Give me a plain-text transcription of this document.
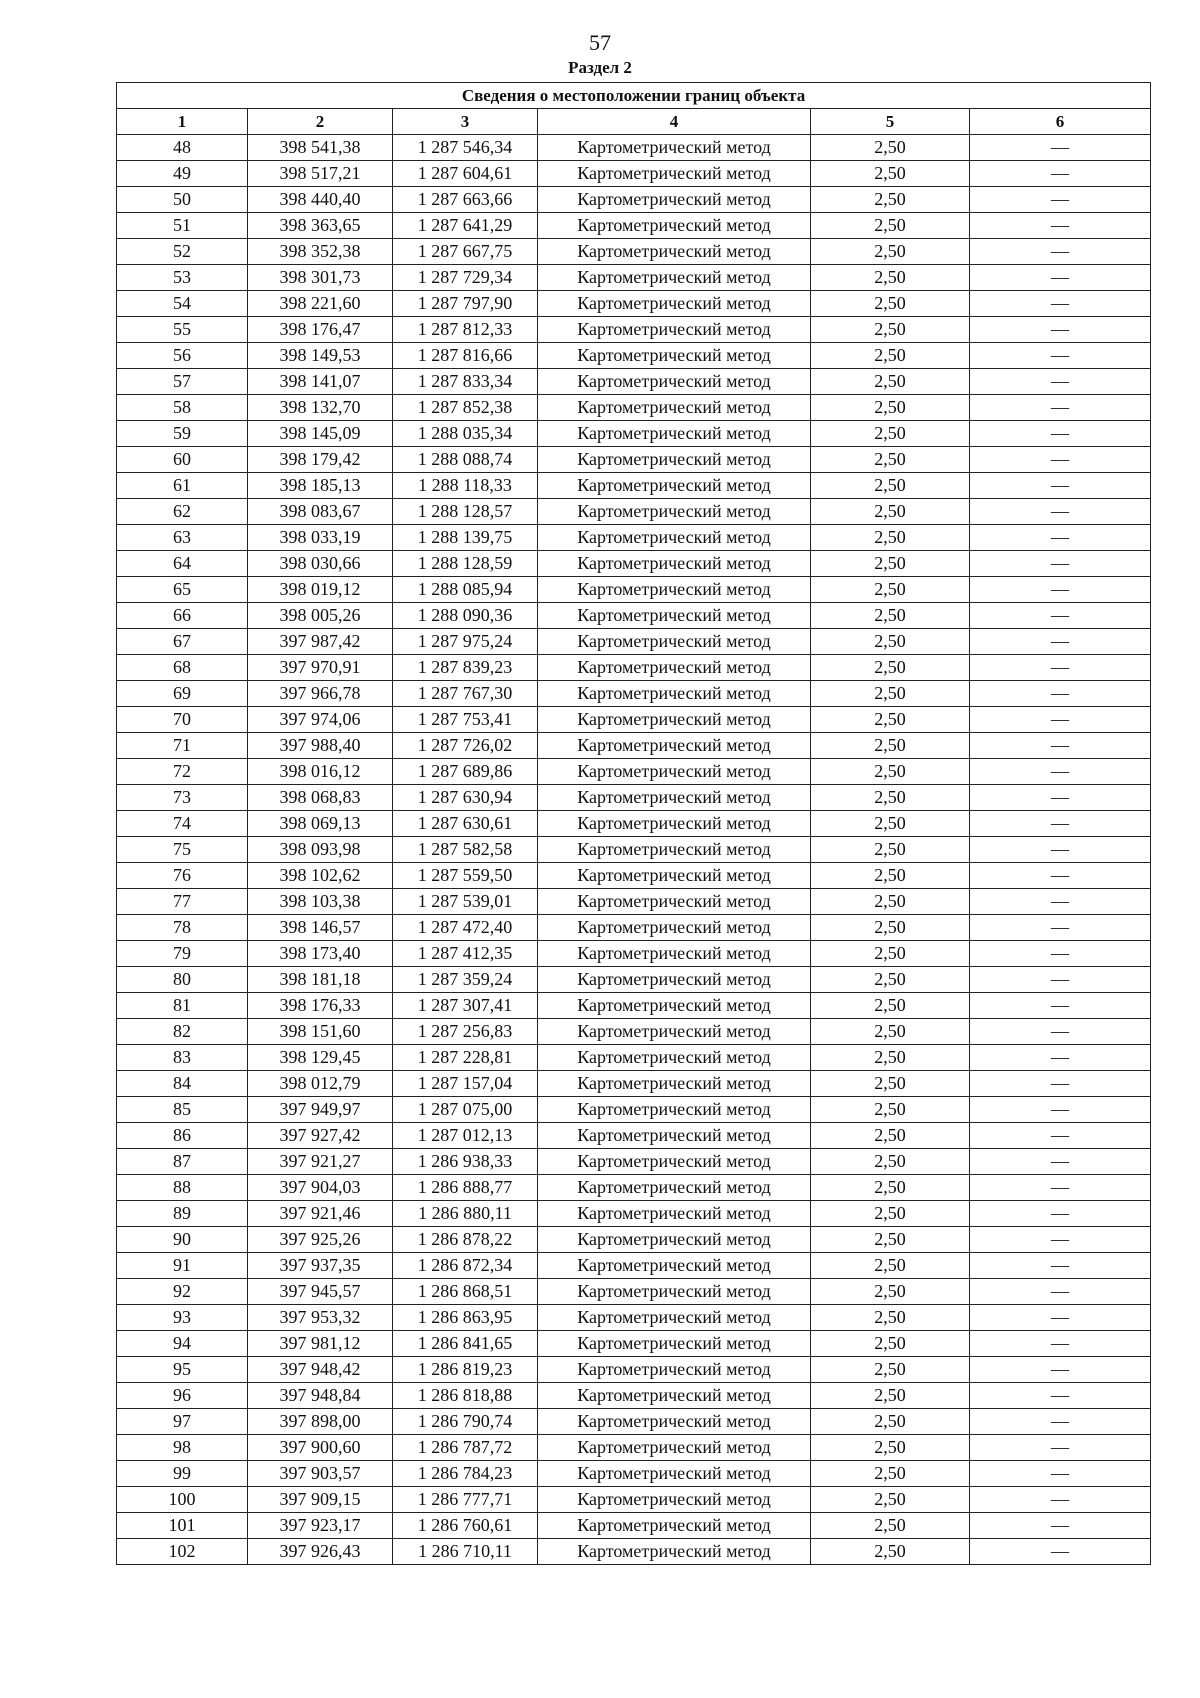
57
Раздел 2
Сведения о местоположении границ объекта					
1	2	3	4	5	6
48	398 541,38	1 287 546,34	Картометрический метод	2,50	—
49	398 517,21	1 287 604,61	Картометрический метод	2,50	—
50	398 440,40	1 287 663,66	Картометрический метод	2,50	—
51	398 363,65	1 287 641,29	Картометрический метод	2,50	—
52	398 352,38	1 287 667,75	Картометрический метод	2,50	—
53	398 301,73	1 287 729,34	Картометрический метод	2,50	—
54	398 221,60	1 287 797,90	Картометрический метод	2,50	—
55	398 176,47	1 287 812,33	Картометрический метод	2,50	—
56	398 149,53	1 287 816,66	Картометрический метод	2,50	—
57	398 141,07	1 287 833,34	Картометрический метод	2,50	—
58	398 132,70	1 287 852,38	Картометрический метод	2,50	—
59	398 145,09	1 288 035,34	Картометрический метод	2,50	—
60	398 179,42	1 288 088,74	Картометрический метод	2,50	—
61	398 185,13	1 288 118,33	Картометрический метод	2,50	—
62	398 083,67	1 288 128,57	Картометрический метод	2,50	—
63	398 033,19	1 288 139,75	Картометрический метод	2,50	—
64	398 030,66	1 288 128,59	Картометрический метод	2,50	—
65	398 019,12	1 288 085,94	Картометрический метод	2,50	—
66	398 005,26	1 288 090,36	Картометрический метод	2,50	—
67	397 987,42	1 287 975,24	Картометрический метод	2,50	—
68	397 970,91	1 287 839,23	Картометрический метод	2,50	—
69	397 966,78	1 287 767,30	Картометрический метод	2,50	—
70	397 974,06	1 287 753,41	Картометрический метод	2,50	—
71	397 988,40	1 287 726,02	Картометрический метод	2,50	—
72	398 016,12	1 287 689,86	Картометрический метод	2,50	—
73	398 068,83	1 287 630,94	Картометрический метод	2,50	—
74	398 069,13	1 287 630,61	Картометрический метод	2,50	—
75	398 093,98	1 287 582,58	Картометрический метод	2,50	—
76	398 102,62	1 287 559,50	Картометрический метод	2,50	—
77	398 103,38	1 287 539,01	Картометрический метод	2,50	—
78	398 146,57	1 287 472,40	Картометрический метод	2,50	—
79	398 173,40	1 287 412,35	Картометрический метод	2,50	—
80	398 181,18	1 287 359,24	Картометрический метод	2,50	—
81	398 176,33	1 287 307,41	Картометрический метод	2,50	—
82	398 151,60	1 287 256,83	Картометрический метод	2,50	—
83	398 129,45	1 287 228,81	Картометрический метод	2,50	—
84	398 012,79	1 287 157,04	Картометрический метод	2,50	—
85	397 949,97	1 287 075,00	Картометрический метод	2,50	—
86	397 927,42	1 287 012,13	Картометрический метод	2,50	—
87	397 921,27	1 286 938,33	Картометрический метод	2,50	—
88	397 904,03	1 286 888,77	Картометрический метод	2,50	—
89	397 921,46	1 286 880,11	Картометрический метод	2,50	—
90	397 925,26	1 286 878,22	Картометрический метод	2,50	—
91	397 937,35	1 286 872,34	Картометрический метод	2,50	—
92	397 945,57	1 286 868,51	Картометрический метод	2,50	—
93	397 953,32	1 286 863,95	Картометрический метод	2,50	—
94	397 981,12	1 286 841,65	Картометрический метод	2,50	—
95	397 948,42	1 286 819,23	Картометрический метод	2,50	—
96	397 948,84	1 286 818,88	Картометрический метод	2,50	—
97	397 898,00	1 286 790,74	Картометрический метод	2,50	—
98	397 900,60	1 286 787,72	Картометрический метод	2,50	—
99	397 903,57	1 286 784,23	Картометрический метод	2,50	—
100	397 909,15	1 286 777,71	Картометрический метод	2,50	—
101	397 923,17	1 286 760,61	Картометрический метод	2,50	—
102	397 926,43	1 286 710,11	Картометрический метод	2,50	—
